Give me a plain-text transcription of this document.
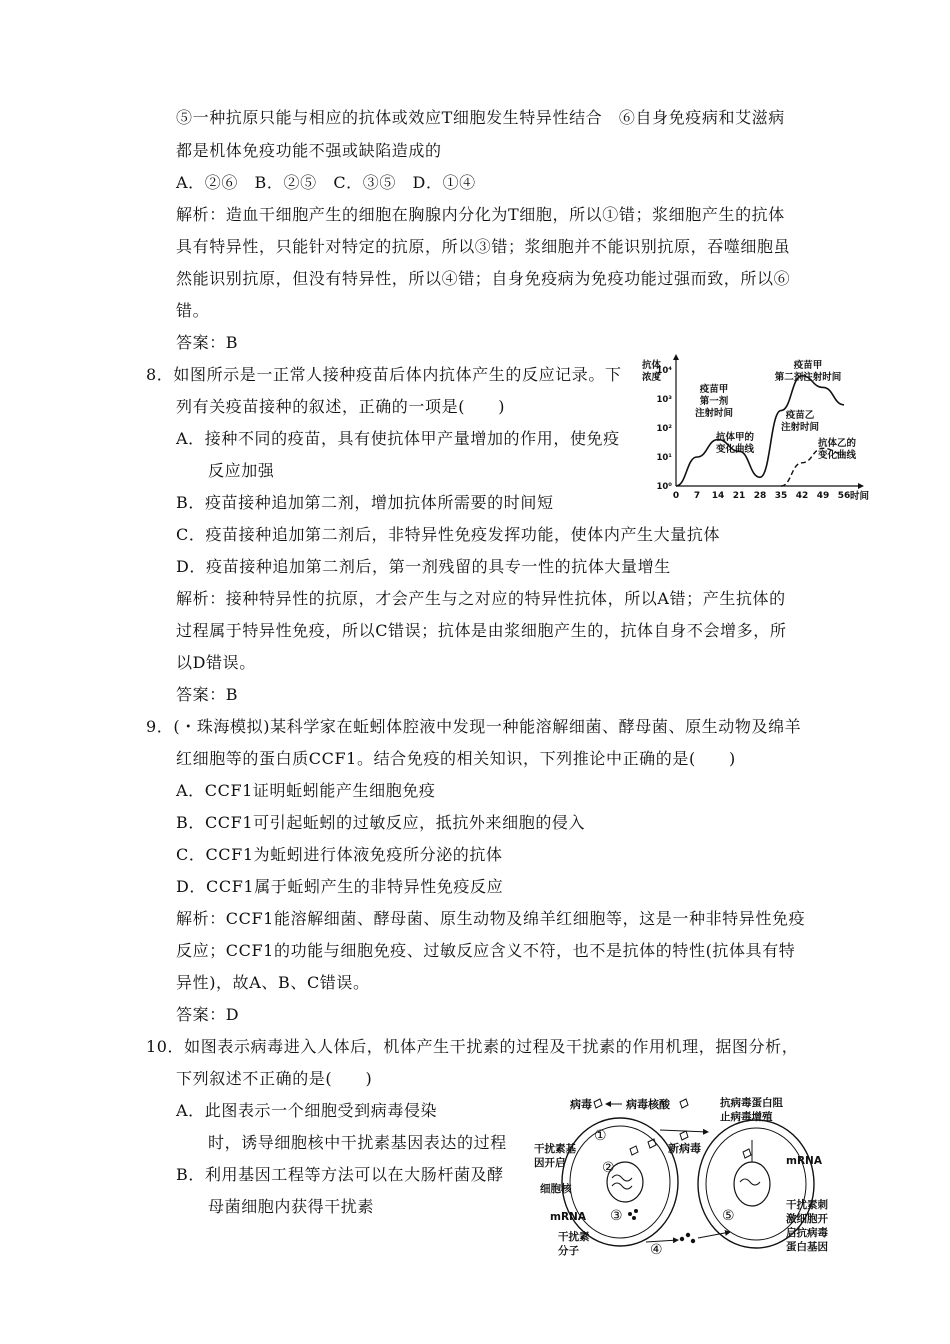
⑤一种抗原只能与相应的抗体或效应T细胞发生特异性结合　⑥自身免疫病和艾滋病
都是机体免疫功能不强或缺陷造成的
A．②⑥　B．②⑤　C．③⑤　D．①④
解析：造血干细胞产生的细胞在胸腺内分化为T细胞，所以①错；浆细胞产生的抗体
具有特异性，只能针对特定的抗原，所以③错；浆细胞并不能识别抗原，吞噬细胞虽
然能识别抗原，但没有特异性，所以④错；自身免疫病为免疫功能过强而致，所以⑥
错。
答案：B
8．如图所示是一正常人接种疫苗后体内抗体产生的反应记录。下
列有关疫苗接种的叙述，正确的一项是(　　)
A．接种不同的疫苗，具有使抗体甲产量增加的作用，使免疫
反应加强
B．疫苗接种追加第二剂，增加抗体所需要的时间短
C．疫苗接种追加第二剂后，非特异性免疫发挥功能，使体内产生大量抗体
D．疫苗接种追加第二剂后，第一剂残留的具专一性的抗体大量增生
解析：接种特异性的抗原，才会产生与之对应的特异性抗体，所以A错；产生抗体的
过程属于特异性免疫，所以C错误；抗体是由浆细胞产生的，抗体自身不会增多，所
以D错误。
答案：B
0 7 14 21 28 35 42 49 56
10⁰
10¹
10²
10³
10⁴
时间
抗体
浓度
疫苗甲
第一剂
注射时间
疫苗甲
第二剂注射时间
疫苗乙
注射时间
抗体甲的
变化曲线
抗体乙的
变化曲线
9．(・珠海模拟)某科学家在蚯蚓体腔液中发现一种能溶解细菌、酵母菌、原生动物及绵羊
红细胞等的蛋白质CCF1。结合免疫的相关知识，下列推论中正确的是(　　)
A．CCF1证明蚯蚓能产生细胞免疫
B．CCF1可引起蚯蚓的过敏反应，抵抗外来细胞的侵入
C．CCF1为蚯蚓进行体液免疫所分泌的抗体
D．CCF1属于蚯蚓产生的非特异性免疫反应
解析：CCF1能溶解细菌、酵母菌、原生动物及绵羊红细胞等，这是一种非特异性免疫
反应；CCF1的功能与细胞免疫、过敏反应含义不符，也不是抗体的特性(抗体具有特
异性)，故A、B、C错误。
答案：D
10．如图表示病毒进入人体后，机体产生干扰素的过程及干扰素的作用机理，据图分析，
下列叙述不正确的是(　　)
A．此图表示一个细胞受到病毒侵染
时，诱导细胞核中干扰素基因表达的过程
B．利用基因工程等方法可以在大肠杆菌及酵
母菌细胞内获得干扰素
病毒	病毒核酸
新病毒
干扰素基
因开启
细胞核
mRNA
干扰素
分子
抗病毒蛋白阻
止病毒增殖
mRNA
干扰素刺
激细胞开
启抗病毒
蛋白基因
①
②
③
④
⑤
